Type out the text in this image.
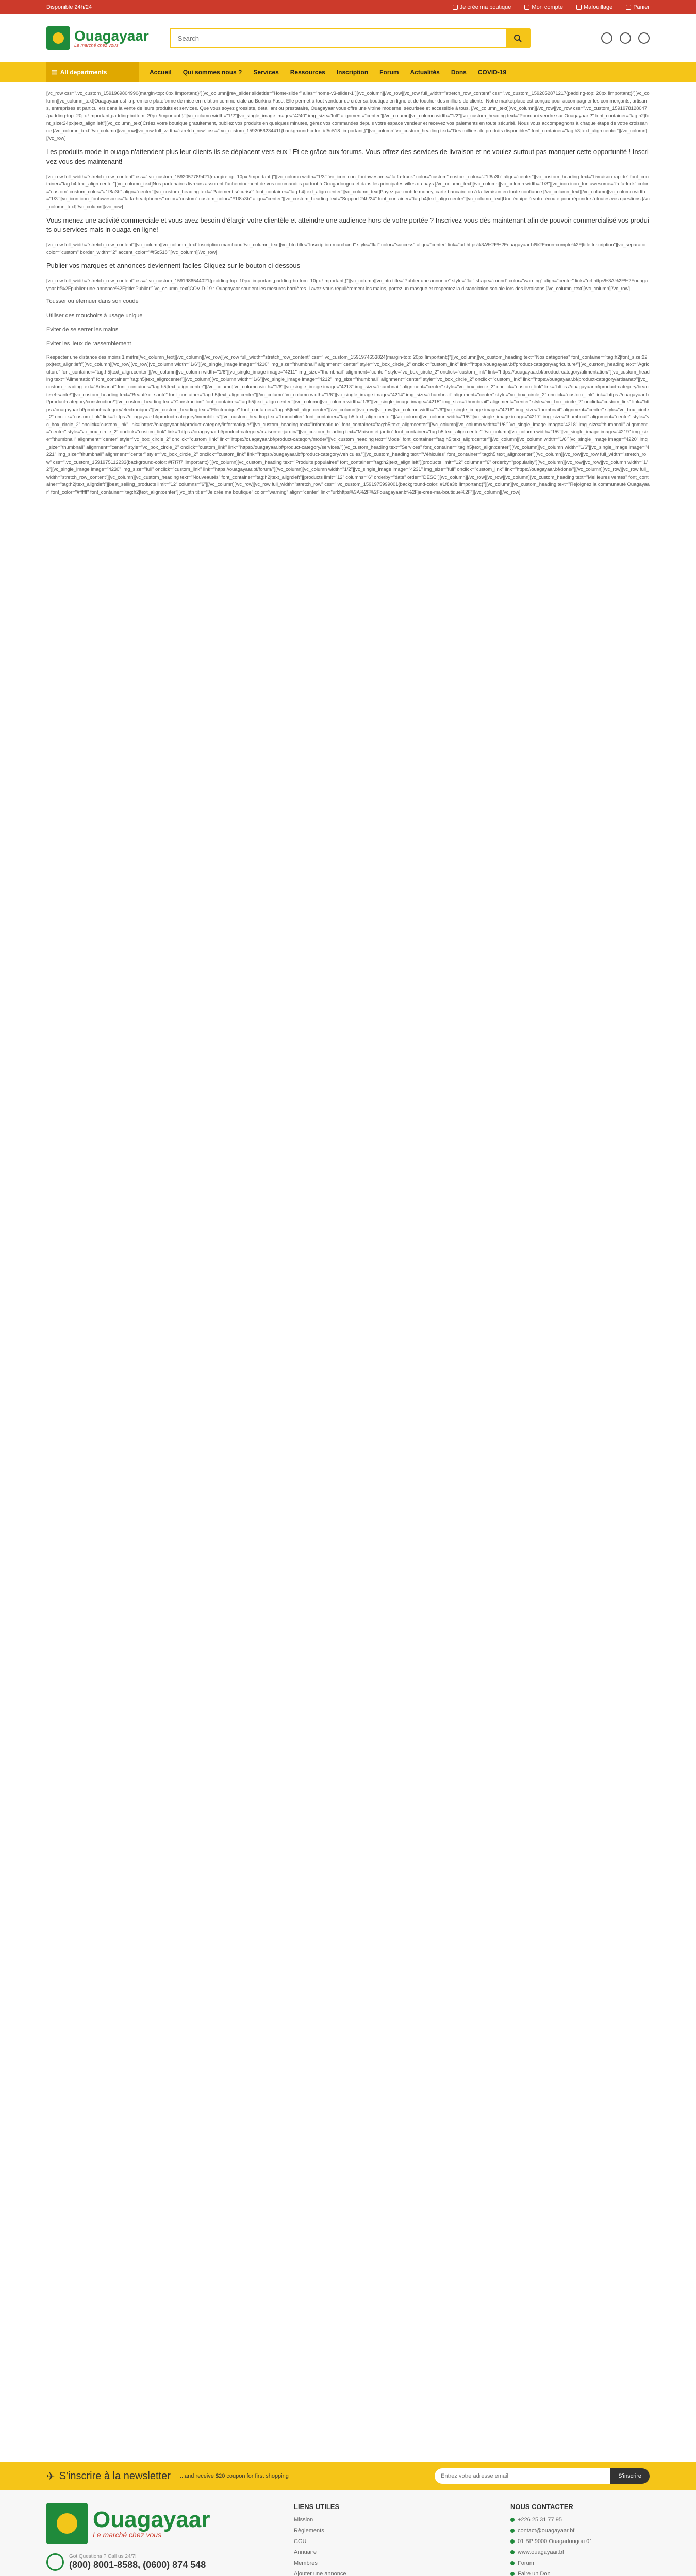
Disponible 24h/24	Je crée ma boutique	Mon compte	Mafouillage	Panier
Ouagayaar
Le marché chez vous
Search
☰ All departments	Accueil Qui sommes nous ? Services Ressources Inscription Forum Actualités Dons COVID-19

[vc_row css=".vc_custom_1591969804990{margin-top: 0px !important;}"][vc_column][rev_slider slidetitle="Home-slider" alias="home-v3-slider-1"][/vc_column][/vc_row][vc_row full_width="stretch_row_content" css=".vc_custom_1592052871217{padding-top: 20px !important;}"][vc_column][vc_column_text]Ouagayaar est la première plateforme de mise en relation commerciale au Burkina Faso. Elle permet à tout vendeur de créer sa boutique en ligne et de toucher des milliers de clients. Notre marketplace est conçue pour accompagner les commerçants, artisans, entreprises et particuliers dans la vente de leurs produits et services. Que vous soyez grossiste, détaillant ou prestataire, Ouagayaar vous offre une vitrine moderne, sécurisée et accessible à tous. [/vc_column_text][/vc_column][/vc_row][vc_row css=".vc_custom_1591978128047{padding-top: 20px !important;padding-bottom: 20px !important;}"][vc_column width="1/2"][vc_single_image image="4240" img_size="full" alignment="center"][/vc_column][vc_column width="1/2"][vc_custom_heading text="Pourquoi vendre sur Ouagayaar ?" font_container="tag:h2|font_size:24px|text_align:left"][vc_column_text]Créez votre boutique gratuitement, publiez vos produits en quelques minutes, gérez vos commandes depuis votre espace vendeur et recevez vos paiements en toute sécurité. Nous vous accompagnons à chaque étape de votre croissance.[/vc_column_text][/vc_column][/vc_row][vc_row full_width="stretch_row" css=".vc_custom_1592056234411{background-color: #f5c518 !important;}"][vc_column][vc_custom_heading text="Des milliers de produits disponibles" font_container="tag:h3|text_align:center"][/vc_column][/vc_row]

Les produits mode in ouaga n'attendent plus leur clients ils se déplacent vers eux ! Et ce grâce aux forums. Vous offrez des services de livraison et ne voulez surtout pas manquer cette opportunité ! Inscrivez vous des maintenant!

[vc_row full_width="stretch_row_content" css=".vc_custom_1592057789421{margin-top: 10px !important;}"][vc_column width="1/3"][vc_icon icon_fontawesome="fa fa-truck" color="custom" custom_color="#1f8a3b" align="center"][vc_custom_heading text="Livraison rapide" font_container="tag:h4|text_align:center"][vc_column_text]Nos partenaires livreurs assurent l'acheminement de vos commandes partout à Ouagadougou et dans les principales villes du pays.[/vc_column_text][/vc_column][vc_column width="1/3"][vc_icon icon_fontawesome="fa fa-lock" color="custom" custom_color="#1f8a3b" align="center"][vc_custom_heading text="Paiement sécurisé" font_container="tag:h4|text_align:center"][vc_column_text]Payez par mobile money, carte bancaire ou à la livraison en toute confiance.[/vc_column_text][/vc_column][vc_column width="1/3"][vc_icon icon_fontawesome="fa fa-headphones" color="custom" custom_color="#1f8a3b" align="center"][vc_custom_heading text="Support 24h/24" font_container="tag:h4|text_align:center"][vc_column_text]Une équipe à votre écoute pour répondre à toutes vos questions.[/vc_column_text][/vc_column][/vc_row]

Vous menez une activité commerciale et vous avez besoin d'élargir votre clientèle et atteindre une audience hors de votre portée ? Inscrivez vous dès maintenant afin de pouvoir commercialisé vos produits ou services mais in ouaga en ligne!

[vc_row full_width="stretch_row_content"][vc_column][vc_column_text]Inscription marchand[/vc_column_text][vc_btn title="Inscription marchand" style="flat" color="success" align="center" link="url:https%3A%2F%2Fouagayaar.bf%2Fmon-compte%2F|title:Inscription"][vc_separator color="custom" border_width="2" accent_color="#f5c518"][/vc_column][/vc_row]

Publier vos marques et annonces deviennent faciles Cliquez sur le bouton ci-dessous

[vc_row full_width="stretch_row_content" css=".vc_custom_1591986544021{padding-top: 10px !important;padding-bottom: 10px !important;}"][vc_column][vc_btn title="Publier une annonce" style="flat" shape="round" color="warning" align="center" link="url:https%3A%2F%2Fouagayaar.bf%2Fpublier-une-annonce%2F|title:Publier"][vc_column_text]COVID-19 : Ouagayaar soutient les mesures barrières. Lavez-vous régulièrement les mains, portez un masque et respectez la distanciation sociale lors des livraisons.[/vc_column_text][/vc_column][/vc_row]

Tousser ou éternuer dans son coude

Utiliser des mouchoirs à usage unique

Eviter de se serrer les mains

Eviter les lieux de rassemblement

Respecter une distance des moins 1 mètre[/vc_column_text][/vc_column][/vc_row][vc_row full_width="stretch_row_content" css=".vc_custom_1591974653824{margin-top: 20px !important;}"][vc_column][vc_custom_heading text="Nos catégories" font_container="tag:h2|font_size:22px|text_align:left"][/vc_column][/vc_row][vc_row][vc_column width="1/6"][vc_single_image image="4210" img_size="thumbnail" alignment="center" style="vc_box_circle_2" onclick="custom_link" link="https://ouagayaar.bf/product-category/agriculture/"][vc_custom_heading text="Agriculture" font_container="tag:h5|text_align:center"][/vc_column][vc_column width="1/6"][vc_single_image image="4211" img_size="thumbnail" alignment="center" style="vc_box_circle_2" onclick="custom_link" link="https://ouagayaar.bf/product-category/alimentation/"][vc_custom_heading text="Alimentation" font_container="tag:h5|text_align:center"][/vc_column][vc_column width="1/6"][vc_single_image image="4212" img_size="thumbnail" alignment="center" style="vc_box_circle_2" onclick="custom_link" link="https://ouagayaar.bf/product-category/artisanat/"][vc_custom_heading text="Artisanat" font_container="tag:h5|text_align:center"][/vc_column][vc_column width="1/6"][vc_single_image image="4213" img_size="thumbnail" alignment="center" style="vc_box_circle_2" onclick="custom_link" link="https://ouagayaar.bf/product-category/beaute-et-sante/"][vc_custom_heading text="Beauté et santé" font_container="tag:h5|text_align:center"][/vc_column][vc_column width="1/6"][vc_single_image image="4214" img_size="thumbnail" alignment="center" style="vc_box_circle_2" onclick="custom_link" link="https://ouagayaar.bf/product-category/construction/"][vc_custom_heading text="Construction" font_container="tag:h5|text_align:center"][/vc_column][vc_column width="1/6"][vc_single_image image="4215" img_size="thumbnail" alignment="center" style="vc_box_circle_2" onclick="custom_link" link="https://ouagayaar.bf/product-category/electronique/"][vc_custom_heading text="Electronique" font_container="tag:h5|text_align:center"][/vc_column][/vc_row][vc_row][vc_column width="1/6"][vc_single_image image="4216" img_size="thumbnail" alignment="center" style="vc_box_circle_2" onclick="custom_link" link="https://ouagayaar.bf/product-category/immobilier/"][vc_custom_heading text="Immobilier" font_container="tag:h5|text_align:center"][/vc_column][vc_column width="1/6"][vc_single_image image="4217" img_size="thumbnail" alignment="center" style="vc_box_circle_2" onclick="custom_link" link="https://ouagayaar.bf/product-category/informatique/"][vc_custom_heading text="Informatique" font_container="tag:h5|text_align:center"][/vc_column][vc_column width="1/6"][vc_single_image image="4218" img_size="thumbnail" alignment="center" style="vc_box_circle_2" onclick="custom_link" link="https://ouagayaar.bf/product-category/maison-et-jardin/"][vc_custom_heading text="Maison et jardin" font_container="tag:h5|text_align:center"][/vc_column][vc_column width="1/6"][vc_single_image image="4219" img_size="thumbnail" alignment="center" style="vc_box_circle_2" onclick="custom_link" link="https://ouagayaar.bf/product-category/mode/"][vc_custom_heading text="Mode" font_container="tag:h5|text_align:center"][/vc_column][vc_column width="1/6"][vc_single_image image="4220" img_size="thumbnail" alignment="center" style="vc_box_circle_2" onclick="custom_link" link="https://ouagayaar.bf/product-category/services/"][vc_custom_heading text="Services" font_container="tag:h5|text_align:center"][/vc_column][vc_column width="1/6"][vc_single_image image="4221" img_size="thumbnail" alignment="center" style="vc_box_circle_2" onclick="custom_link" link="https://ouagayaar.bf/product-category/vehicules/"][vc_custom_heading text="Véhicules" font_container="tag:h5|text_align:center"][/vc_column][/vc_row][vc_row full_width="stretch_row" css=".vc_custom_1591975112233{background-color: #f7f7f7 !important;}"][vc_column][vc_custom_heading text="Produits populaires" font_container="tag:h2|text_align:left"][products limit="12" columns="6" orderby="popularity"][/vc_column][/vc_row][vc_row][vc_column width="1/2"][vc_single_image image="4230" img_size="full" onclick="custom_link" link="https://ouagayaar.bf/forum/"][/vc_column][vc_column width="1/2"][vc_single_image image="4231" img_size="full" onclick="custom_link" link="https://ouagayaar.bf/dons/"][/vc_column][/vc_row][vc_row full_width="stretch_row_content"][vc_column][vc_custom_heading text="Nouveautés" font_container="tag:h2|text_align:left"][products limit="12" columns="6" orderby="date" order="DESC"][/vc_column][/vc_row][vc_row][vc_column][vc_custom_heading text="Meilleures ventes" font_container="tag:h2|text_align:left"][best_selling_products limit="12" columns="6"][/vc_column][/vc_row][vc_row full_width="stretch_row" css=".vc_custom_1591975999001{background-color: #1f8a3b !important;}"][vc_column][vc_custom_heading text="Rejoignez la communauté Ouagayaar" font_color="#ffffff" font_container="tag:h2|text_align:center"][vc_btn title="Je crée ma boutique" color="warning" align="center" link="url:https%3A%2F%2Fouagayaar.bf%2Fje-cree-ma-boutique%2F"][/vc_column][/vc_row]

✈ S'inscrire à la newsletter ...and receive $20 coupon for first shopping
Entrez votre adresse email	S'inscrire
Ouagayaar
Le marché chez vous
Got Questions ? Call us 24/7!
(800) 8001-8588, (0600) 874 548
LIENS UTILES
Mission
Règlements
CGU
Annuaire
Membres
Ajouter une annonce
NOUS CONTACTER
+226 25 31 77 95
contact@ouagayaar.bf
01 BP 9000 Ouagadougou 01
www.ouagayaar.bf
Forum
Faire un Don
